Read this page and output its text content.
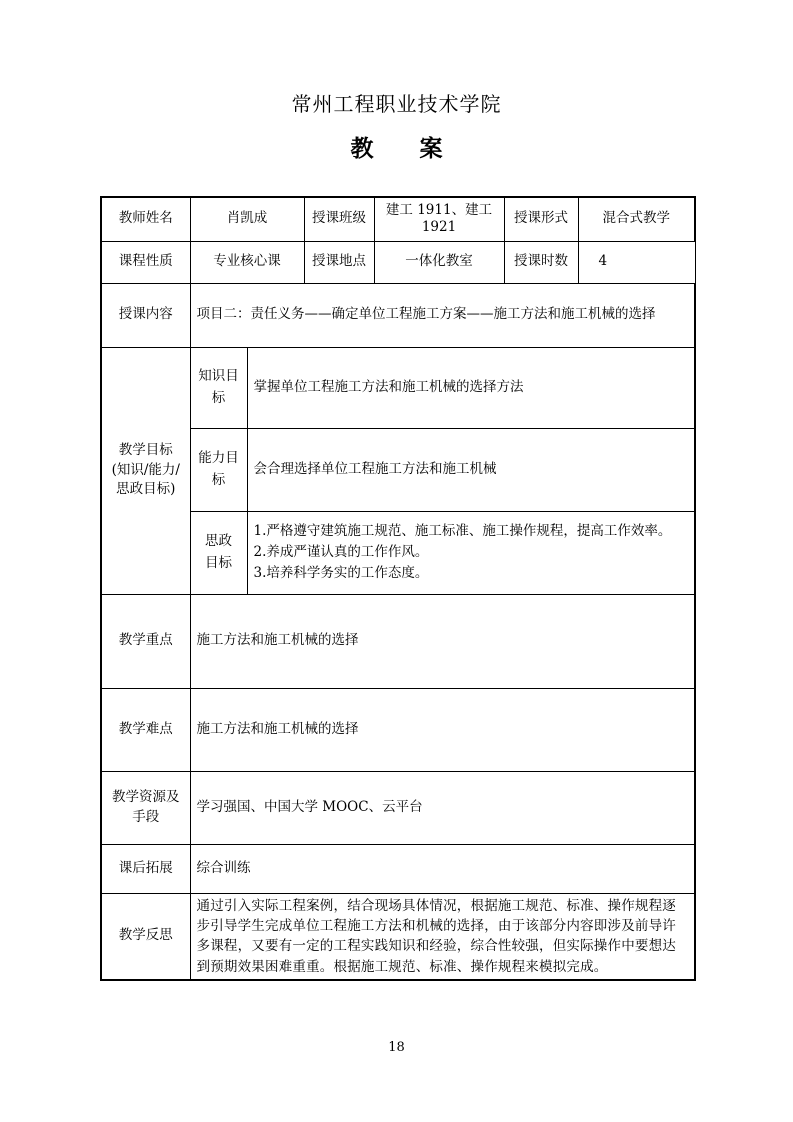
常州工程职业技术学院
教 案
教师姓名	肖凯成		授课班级	建工 1911、建工
1921	授课形式	混合式教学
课程性质	专业核心课		授课地点	一体化教室	授课时数	4
授课内容	项目二：责任义务——确定单位工程施工方案——施工方法和施工机械的选择					

教学目标
(知识/能力/
思政目标)	知识目
标	掌握单位工程施工方法和施工机械的选择方法				

	能力目
标	会合理选择单位工程施工方法和施工机械				

	思政
目标	1.严格遵守建筑施工规范、施工标准、施工操作规程，提高工作效率。
2.养成严谨认真的工作作风。
3.培养科学务实的工作态度。				

教学重点	施工方法和施工机械的选择					
教学难点	施工方法和施工机械的选择					

教学资源及
手段	学习强国、中国大学 MOOC、云平台					
课后拓展	综合训练					
教学反思	通过引入实际工程案例，结合现场具体情况，根据施工规范、标准、操作规程逐
步引导学生完成单位工程施工方法和机械的选择，由于该部分内容即涉及前导许
多课程，又要有一定的工程实践知识和经验，综合性较强，但实际操作中要想达
到预期效果困难重重。根据施工规范、标准、操作规程来模拟完成。					
18
